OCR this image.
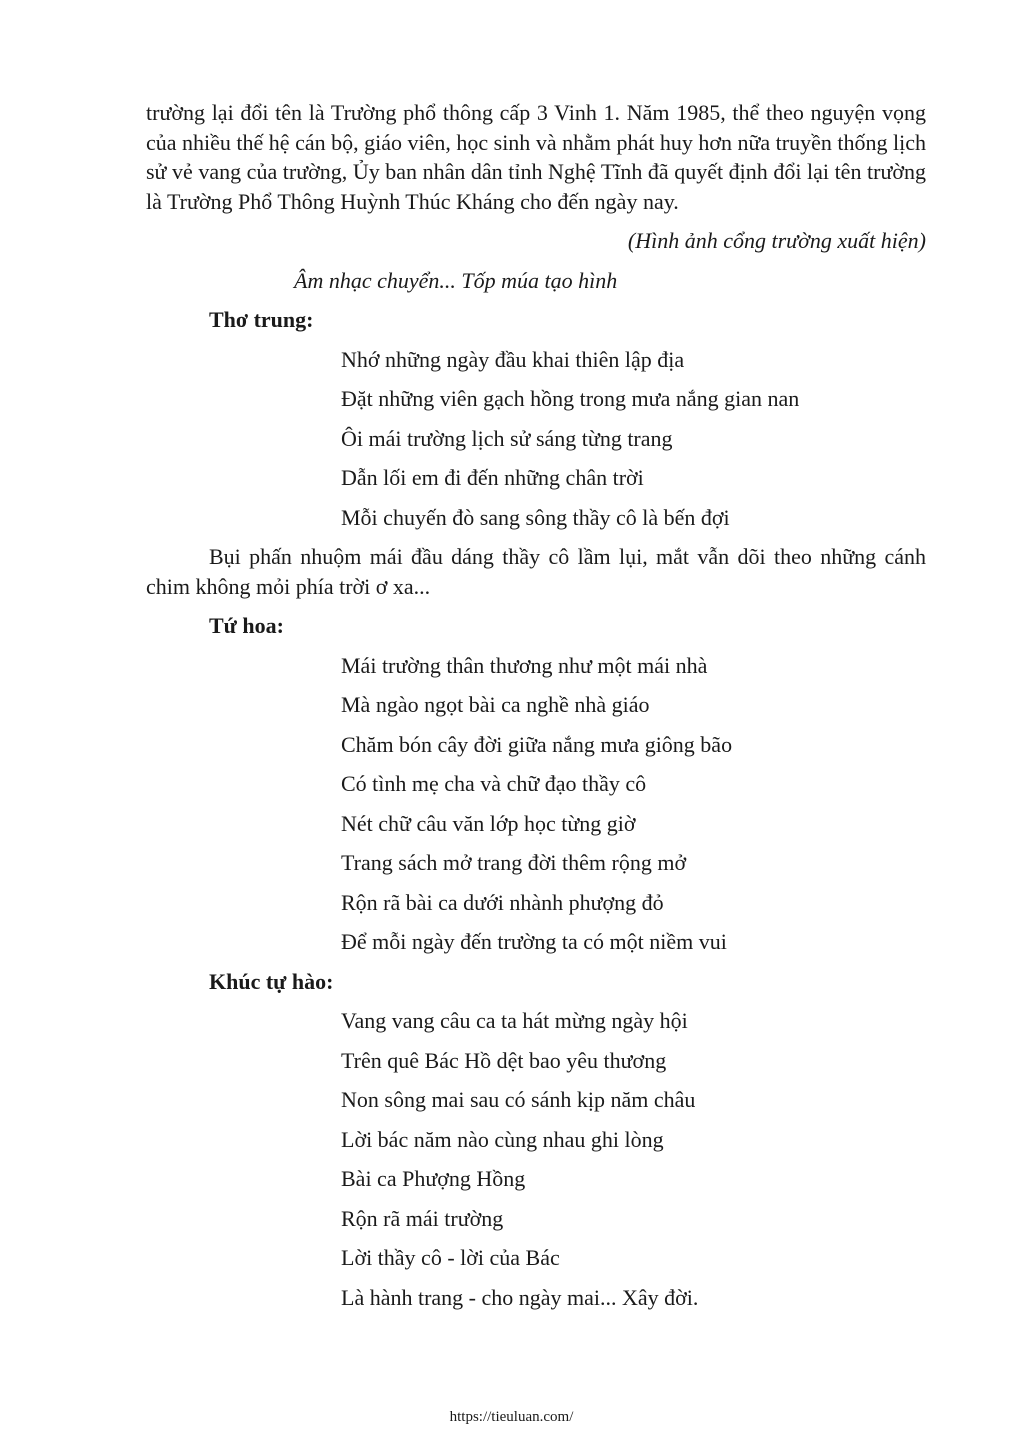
trường lại đổi tên là Trường phổ thông cấp 3 Vinh 1. Năm 1985, thể theo nguyện vọng của nhiều thế hệ cán bộ, giáo viên, học sinh và nhằm phát huy hơn nữa truyền thống lịch sử vẻ vang của trường, Ủy ban nhân dân tỉnh Nghệ Tĩnh đã quyết định đổi lại tên trường là Trường Phổ Thông Huỳnh Thúc Kháng cho đến ngày nay.

(Hình ảnh cổng trường xuất hiện)

Âm nhạc chuyển... Tốp múa tạo hình

Thơ trung:

Nhớ những ngày đầu khai thiên lập địa

Đặt những viên gạch hồng trong mưa nắng gian nan

Ôi mái trường lịch sử sáng từng trang

Dẫn lối em đi đến những chân trời

Mỗi chuyến đò sang sông thầy cô là bến đợi

Bụi phấn nhuộm mái đầu dáng thầy cô lầm lụi, mắt vẫn dõi theo những cánh chim không mỏi phía trời ơ xa...

Tứ hoa:

Mái trường thân thương như một mái nhà

Mà ngào ngọt bài ca nghề nhà giáo

Chăm bón cây đời giữa nắng mưa giông bão

Có tình mẹ cha và chữ đạo thầy cô

Nét chữ câu văn lớp học từng giờ

Trang sách mở trang đời thêm rộng mở

Rộn rã bài ca dưới nhành phượng đỏ

Để mỗi ngày đến trường ta có một niềm vui

Khúc tự hào:

Vang vang câu ca ta hát mừng ngày hội

Trên quê Bác Hồ dệt bao yêu thương

Non sông mai sau có sánh kịp năm châu

Lời bác năm nào cùng nhau ghi lòng

Bài ca Phượng Hồng

Rộn rã mái trường

Lời thầy cô - lời của Bác

Là hành trang - cho ngày mai... Xây đời.

https://tieuluan.com/
